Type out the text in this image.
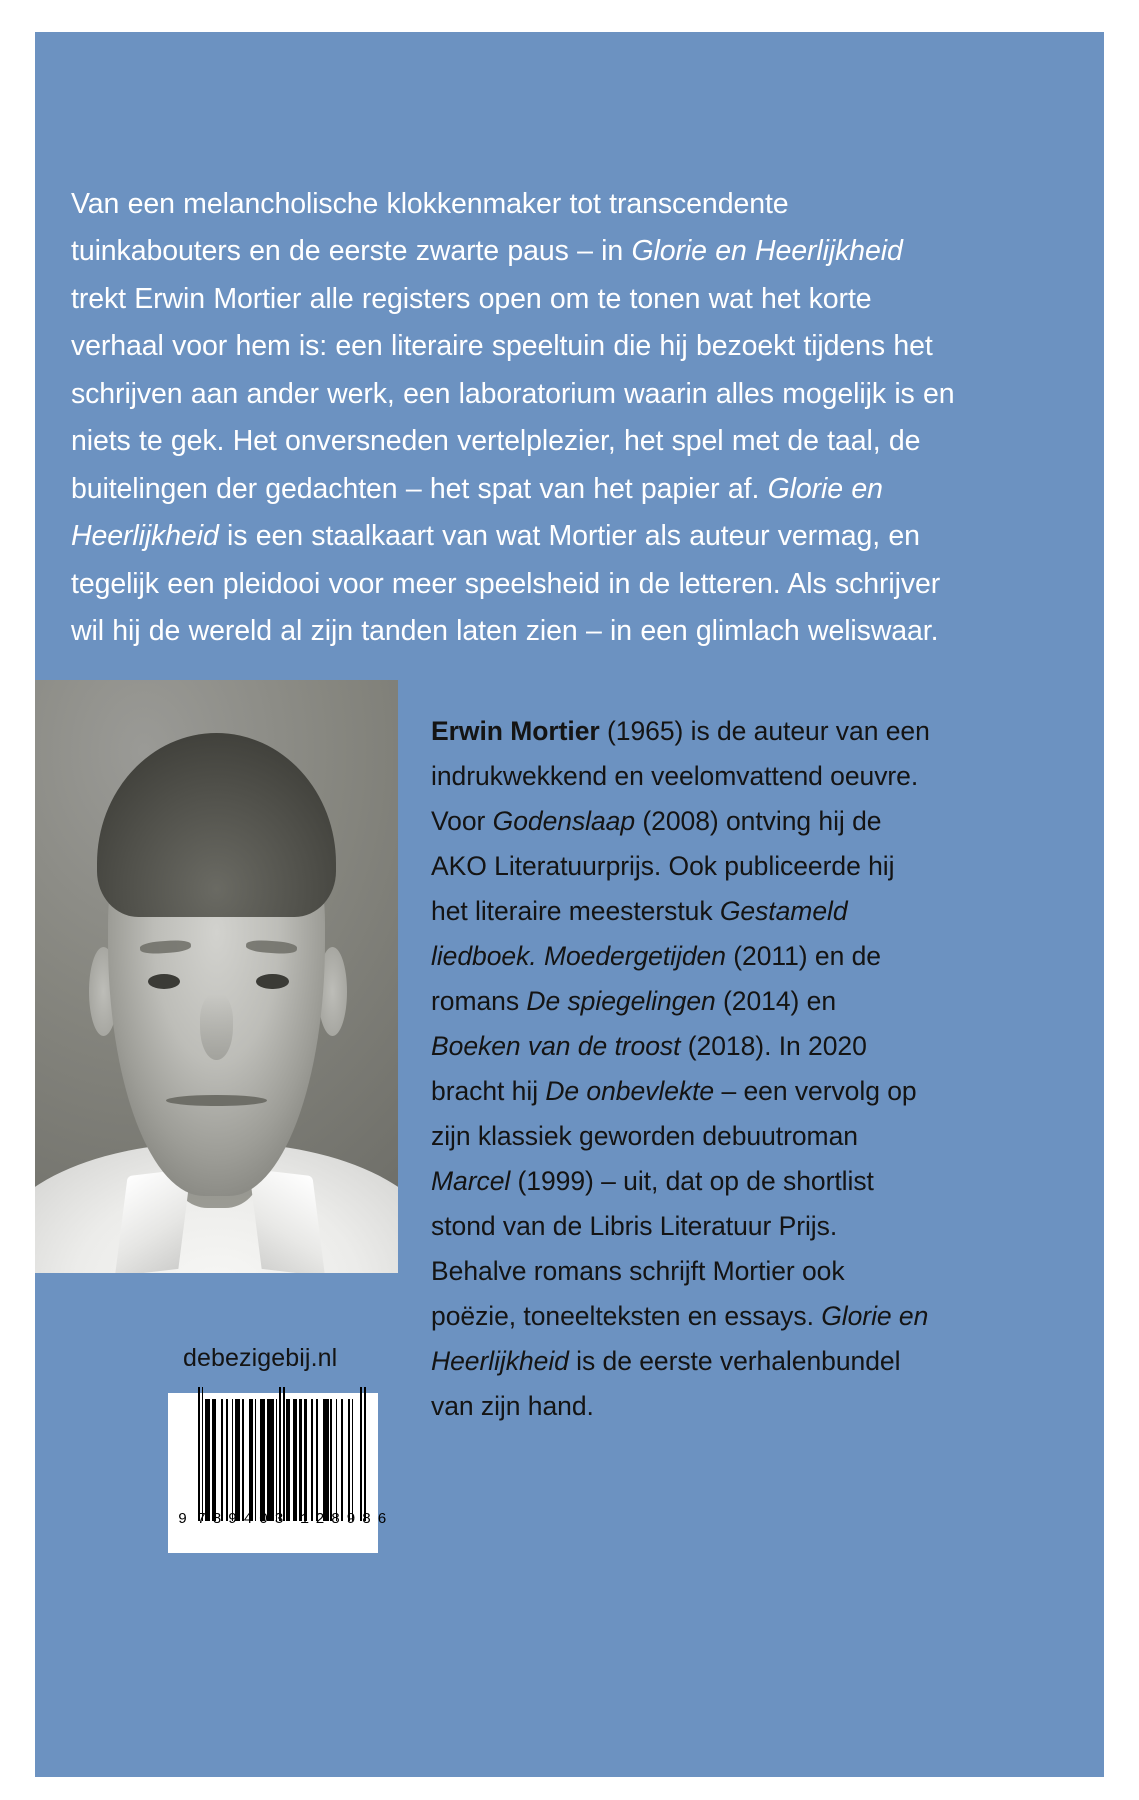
Van een melancholische klokkenmaker tot transcendente tuinkabouters en de eerste zwarte paus – in Glorie en Heerlijkheid trekt Erwin Mortier alle registers open om te tonen wat het korte verhaal voor hem is: een literaire speeltuin die hij bezoekt tijdens het schrijven aan ander werk, een laboratorium waarin alles mogelijk is en niets te gek. Het onversneden vertelplezier, het spel met de taal, de buitelingen der gedachten – het spat van het papier af. Glorie en Heerlijkheid is een staalkaart van wat Mortier als auteur vermag, en tegelijk een pleidooi voor meer speelsheid in de letteren. Als schrijver wil hij de wereld al zijn tanden laten zien – in een glimlach weliswaar.

Erwin Mortier (1965) is de auteur van een indrukwekkend en veelomvattend oeuvre. Voor Godenslaap (2008) ontving hij de AKO Literatuurprijs. Ook publiceerde hij het literaire meesterstuk Gestameld liedboek. Moedergetijden (2011) en de romans De spiegelingen (2014) en Boeken van de troost (2018). In 2020 bracht hij De onbevlekte – een vervolg op zijn klassiek geworden debuutroman Marcel (1999) – uit, dat op de shortlist stond van de Libris Literatuur Prijs. Behalve romans schrijft Mortier ook poëzie, toneelteksten en essays. Glorie en Heerlijkheid is de eerste verhalenbundel van zijn hand.

debezigebij.nl
9 789403 128986
